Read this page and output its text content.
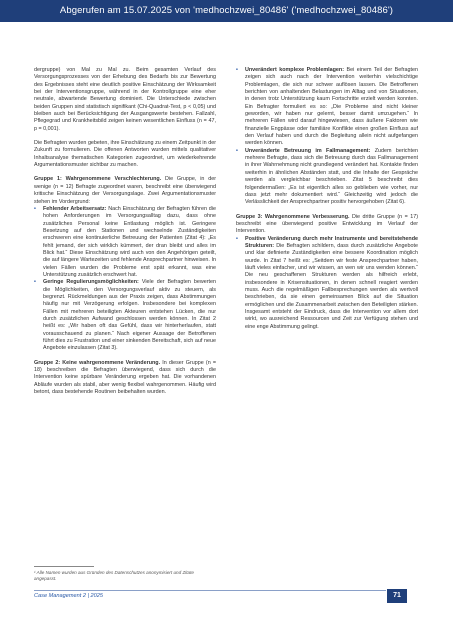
Abgerufen am 15.07.2025 von 'medhochzwei_80486' ('medhochzwei_80486')

dergruppe) von Mal zu Mal zu. Beim gesamten Verlauf des Versorgungsprozesses von der Erhebung des Bedarfs bis zur Bewertung des Ergebnisses steht eine deutlich positive Einschätzung der Wirksamkeit bei der Interventionsgruppe, während in der Kontrollgruppe eine eher neutrale, abwartende Bewertung dominiert. Die Unterschiede zwischen beiden Gruppen sind statistisch signifikant (Chi-Quadrat-Test, p < 0,05) und bleiben auch bei Berücksichtigung der Ausgangswerte bestehen. Fallzahl, Pflegegrad und Krankheitsbild zeigen keinen wesentlichen Einfluss (n = 47, p = 0,001).

Die Befragten wurden gebeten, ihre Einschätzung zu einem Zeitpunkt in der Zukunft zu formulieren. Die offenen Antworten wurden mittels qualitativer Inhaltsanalyse thematischen Kategorien zugeordnet, um wiederkehrende Argumentationsmuster sichtbar zu machen.

Gruppe 1: Wahrgenommene Verschlechterung. Die Gruppe, in der wenige (n = 12) Befragte zugeordnet waren, beschreibt eine überwiegend kritische Einschätzung der Versorgungslage. Zwei Argumentationsmuster stehen im Vordergrund:

• Fehlender Arbeitsersatz: Nach Einschätzung der Befragten führen die hohen Anforderungen im Versorgungsalltag dazu, dass ohne zusätzliches Personal keine Entlastung möglich ist. Geringere Besetzung auf den Stationen und wechselnde Zuständigkeiten erschweren eine kontinuierliche Betreuung der Patienten (Zitat 4): „Es fehlt jemand, der sich wirklich kümmert, der dran bleibt und alles im Blick hat.“ Diese Einschätzung wird auch von den Angehörigen geteilt, die auf längere Wartezeiten und fehlende Ansprechpartner hinweisen. In vielen Fällen wurden die Probleme erst spät erkannt, was eine Unterstützung zusätzlich erschwert hat.
• Geringe Regulierungsmöglichkeiten: Viele der Befragten bewerten die Möglichkeiten, den Versorgungsverlauf aktiv zu steuern, als begrenzt. Rückmeldungen aus der Praxis zeigen, dass Abstimmungen häufig nur mit Verzögerung erfolgen. Insbesondere bei komplexen Fällen mit mehreren beteiligten Akteuren entstehen Lücken, die nur durch zusätzlichen Aufwand geschlossen werden können. In Zitat 2 heißt es: „Wir haben oft das Gefühl, dass wir hinterherlaufen, statt vorausschauend zu planen.“ Nach eigener Aussage der Betroffenen führt dies zu Frustration und einer sinkenden Bereitschaft, sich auf neue Angebote einzulassen (Zitat 3).

Gruppe 2: Keine wahrgenommene Veränderung. In dieser Gruppe (n = 18) beschreiben die Befragten überwiegend, dass sich durch die Intervention keine spürbare Veränderung ergeben hat. Die vorhandenen Abläufe wurden als stabil, aber wenig flexibel wahrgenommen. Häufig wird betont, dass bestehende Routinen beibehalten wurden.

¹ Alle Namen wurden aus Gründen des Datenschutzes anonymisiert und Zitate angepasst.
• Unverändert komplexe Problemlagen: Bei einem Teil der Befragten zeigen sich auch nach der Intervention weiterhin vielschichtige Problemlagen, die sich nur schwer auflösen lassen. Die Betroffenen berichten von anhaltenden Belastungen im Alltag und von Situationen, in denen trotz Unterstützung kaum Fortschritte erzielt werden konnten. Ein Befragter formuliert es so: „Die Probleme sind nicht kleiner geworden, wir haben nur gelernt, besser damit umzugehen.“ In mehreren Fällen wird darauf hingewiesen, dass äußere Faktoren wie finanzielle Engpässe oder familiäre Konflikte einen großen Einfluss auf den Verlauf haben und durch die Begleitung allein nicht aufgefangen werden können.
• Unveränderte Betreuung im Fallmanagement: Zudem berichten mehrere Befragte, dass sich die Betreuung durch das Fallmanagement in ihrer Wahrnehmung nicht grundlegend verändert hat. Kontakte finden weiterhin in ähnlichen Abständen statt, und die Inhalte der Gespräche werden als vergleichbar beschrieben. Zitat 5 beschreibt dies folgendermaßen: „Es ist eigentlich alles so geblieben wie vorher, nur dass jetzt mehr dokumentiert wird.“ Gleichzeitig wird jedoch die Verlässlichkeit der Ansprechpartner positiv hervorgehoben (Zitat 6).

Gruppe 3: Wahrgenommene Verbesserung. Die dritte Gruppe (n = 17) beschreibt eine überwiegend positive Entwicklung im Verlauf der Intervention.

• Positive Veränderung durch mehr Instrumente und bereitstehende Strukturen: Die Befragten schildern, dass durch zusätzliche Angebote und klar definierte Zuständigkeiten eine bessere Koordination möglich wurde. In Zitat 7 heißt es: „Seitdem wir feste Ansprechpartner haben, läuft vieles einfacher, und wir wissen, an wen wir uns wenden können.“ Die neu geschaffenen Strukturen werden als hilfreich erlebt, insbesondere in Krisensituationen, in denen schnell reagiert werden muss. Auch die regelmäßigen Fallbesprechungen werden als wertvoll beschrieben, da sie einen gemeinsamen Blick auf die Situation ermöglichen und die Zusammenarbeit zwischen den Beteiligten stärken. Insgesamt entsteht der Eindruck, dass die Intervention vor allem dort wirkt, wo ausreichend Ressourcen und Zeit zur Verfügung stehen und eine enge Abstimmung gelingt.
Case Management 2 | 2025	71
